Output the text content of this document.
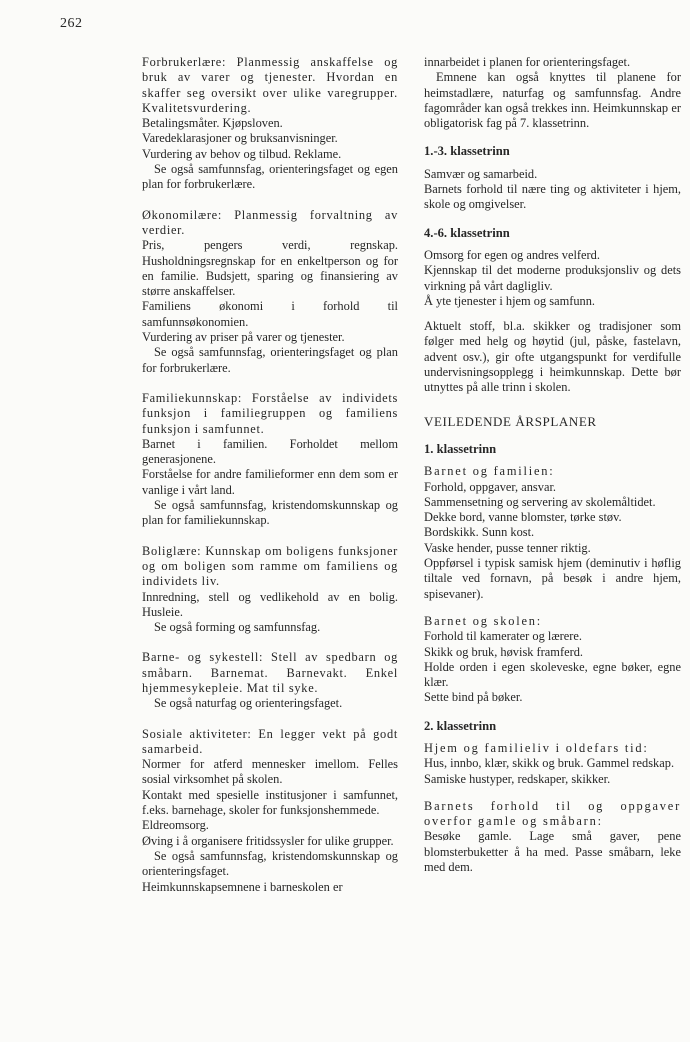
262

Forbrukerlære: Planmessig anskaffelse og bruk av varer og tjenester. Hvordan en skaffer seg oversikt over ulike varegrupper. Kvalitetsvurdering.

Betalingsmåter. Kjøpsloven.

Varedeklarasjoner og bruksanvisninger.

Vurdering av behov og tilbud. Reklame.

Se også samfunnsfag, orienteringsfaget og egen plan for forbrukerlære.

Økonomilære: Planmessig forvaltning av verdier.

Pris, pengers verdi, regnskap. Husholdningsregnskap for en enkeltperson og for en familie. Budsjett, sparing og finansiering av større anskaffelser.

Familiens økonomi i forhold til samfunnsøkonomien.

Vurdering av priser på varer og tjenester.

Se også samfunnsfag, orienteringsfaget og plan for forbrukerlære.

Familiekunnskap: Forståelse av individets funksjon i familiegruppen og familiens funksjon i samfunnet.

Barnet i familien. Forholdet mellom generasjonene.

Forståelse for andre familieformer enn dem som er vanlige i vårt land.

Se også samfunnsfag, kristendomskunnskap og plan for familiekunnskap.

Boliglære: Kunnskap om boligens funksjoner og om boligen som ramme om familiens og individets liv.

Innredning, stell og vedlikehold av en bolig. Husleie.

Se også forming og samfunnsfag.

Barne- og sykestell: Stell av spedbarn og småbarn. Barnemat. Barnevakt. Enkel hjemmesykepleie. Mat til syke.

Se også naturfag og orienteringsfaget.

Sosiale aktiviteter: En legger vekt på godt samarbeid.

Normer for atferd mennesker imellom. Felles sosial virksomhet på skolen.

Kontakt med spesielle institusjoner i samfunnet, f.eks. barnehage, skoler for funksjonshemmede.

Eldreomsorg.

Øving i å organisere fritidssysler for ulike grupper.

Se også samfunnsfag, kristendomskunnskap og orienteringsfaget.

Heimkunnskapsemnene i barneskolen er

innarbeidet i planen for orienteringsfaget.

Emnene kan også knyttes til planene for heimstadlære, naturfag og samfunnsfag. Andre fagområder kan også trekkes inn. Heimkunnskap er obligatorisk fag på 7. klassetrinn.

1.-3. klassetrinn

Samvær og samarbeid.

Barnets forhold til nære ting og aktiviteter i hjem, skole og omgivelser.

4.-6. klassetrinn

Omsorg for egen og andres velferd.

Kjennskap til det moderne produksjonsliv og dets virkning på vårt dagligliv.

Å yte tjenester i hjem og samfunn.

Aktuelt stoff, bl.a. skikker og tradisjoner som følger med helg og høytid (jul, påske, fastelavn, advent osv.), gir ofte utgangspunkt for verdifulle undervisningsopplegg i heimkunnskap. Dette bør utnyttes på alle trinn i skolen.

VEILEDENDE ÅRSPLANER
1. klassetrinn

Barnet og familien:

Forhold, oppgaver, ansvar.

Sammensetning og servering av skolemåltidet.

Dekke bord, vanne blomster, tørke støv.

Bordskikk. Sunn kost.

Vaske hender, pusse tenner riktig.

Oppførsel i typisk samisk hjem (deminutiv i høflig tiltale ved fornavn, på besøk i andre hjem, spisevaner).

Barnet og skolen:

Forhold til kamerater og lærere.

Skikk og bruk, høvisk framferd.

Holde orden i egen skoleveske, egne bøker, egne klær.

Sette bind på bøker.

2. klassetrinn

Hjem og familieliv i oldefars tid:

Hus, innbo, klær, skikk og bruk. Gammel redskap.

Samiske hustyper, redskaper, skikker.

Barnets forhold til og oppgaver overfor gamle og småbarn:

Besøke gamle. Lage små gaver, pene blomsterbuketter å ha med. Passe småbarn, leke med dem.
